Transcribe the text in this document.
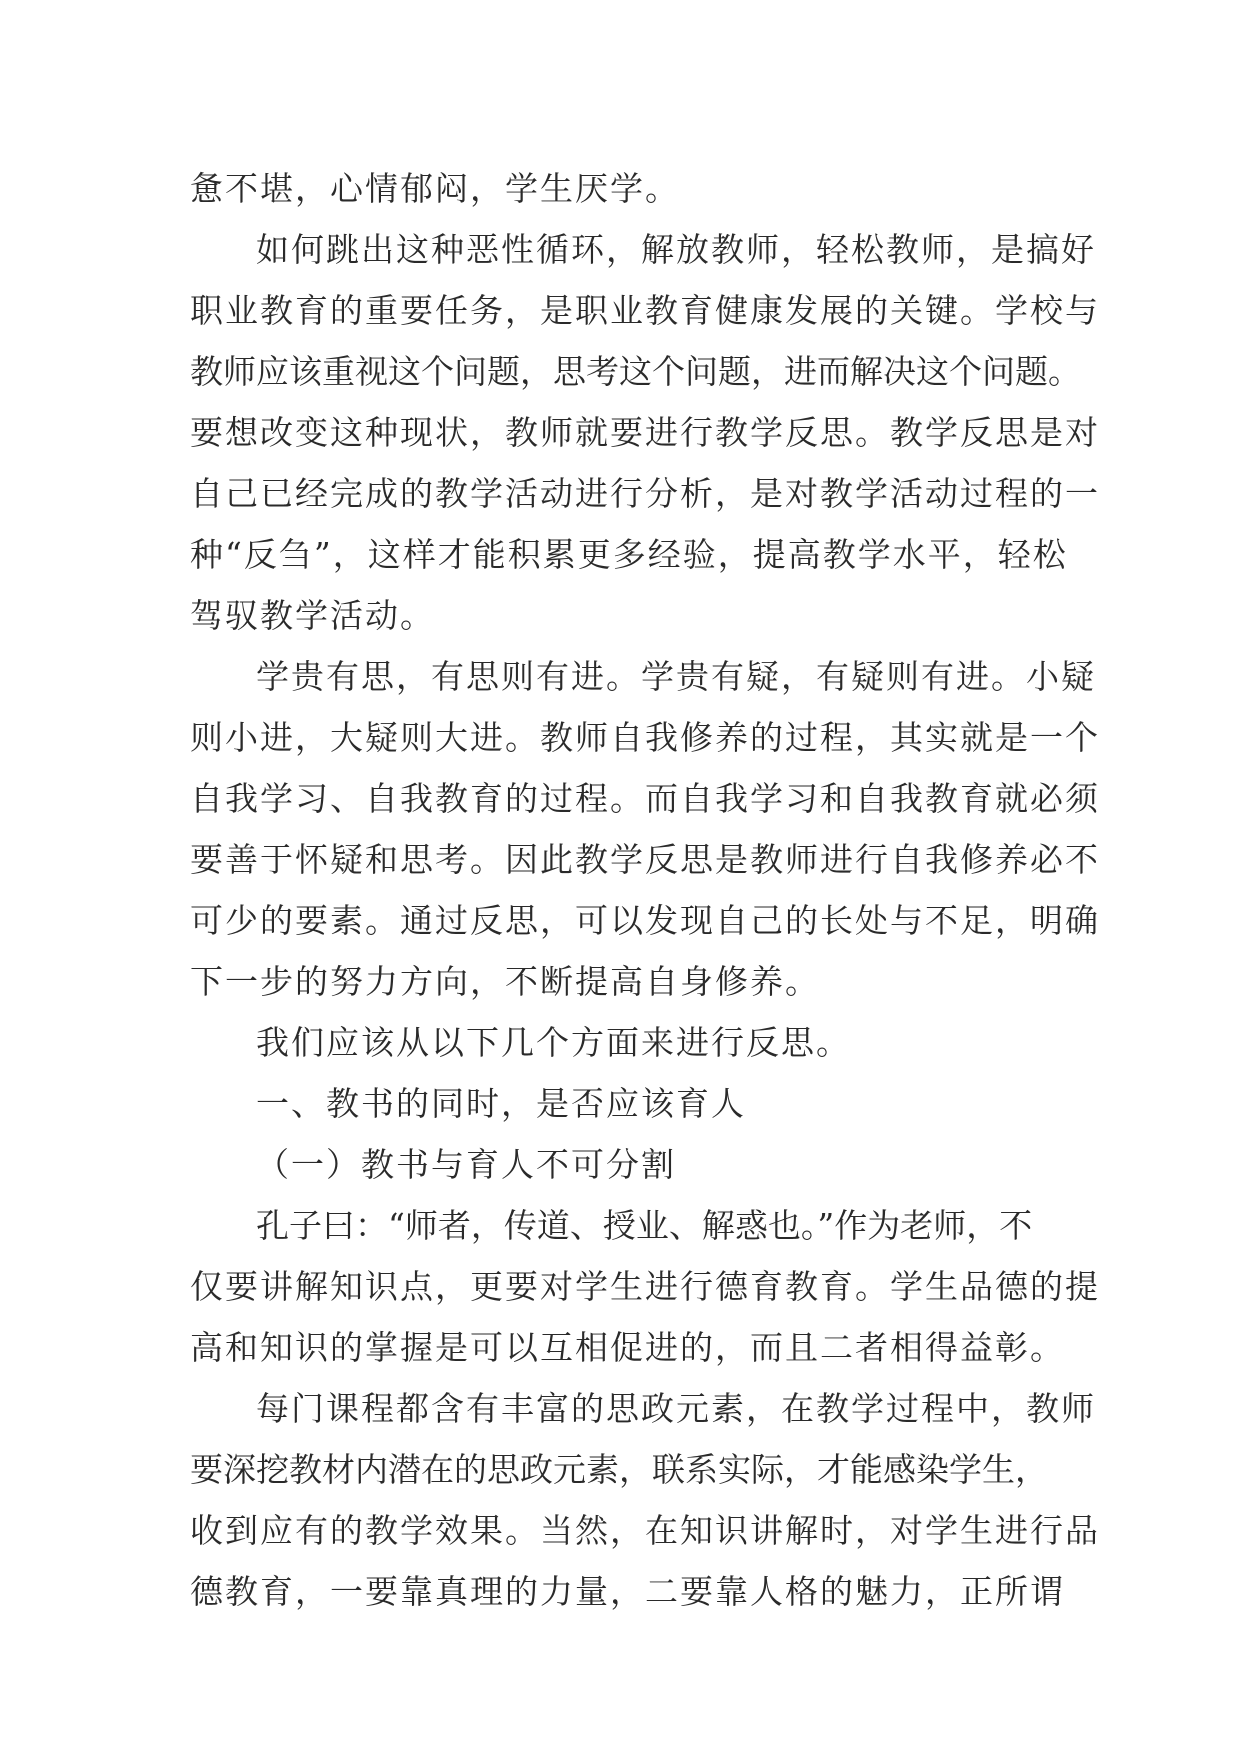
惫不堪，心情郁闷，学生厌学。
如何跳出这种恶性循环，解放教师，轻松教师，是搞好
职业教育的重要任务，是职业教育健康发展的关键。学校与
教师应该重视这个问题，思考这个问题，进而解决这个问题。
要想改变这种现状，教师就要进行教学反思。教学反思是对
自己已经完成的教学活动进行分析，是对教学活动过程的一
种“反刍”，这样才能积累更多经验，提高教学水平，轻松
驾驭教学活动。
学贵有思，有思则有进。学贵有疑，有疑则有进。小疑
则小进，大疑则大进。教师自我修养的过程，其实就是一个
自我学习、自我教育的过程。而自我学习和自我教育就必须
要善于怀疑和思考。因此教学反思是教师进行自我修养必不
可少的要素。通过反思，可以发现自己的长处与不足，明确
下一步的努力方向，不断提高自身修养。
我们应该从以下几个方面来进行反思。
一、教书的同时，是否应该育人
（一）教书与育人不可分割
孔子曰：“师者，传道、授业、解惑也。”作为老师，不
仅要讲解知识点，更要对学生进行德育教育。学生品德的提
高和知识的掌握是可以互相促进的，而且二者相得益彰。
每门课程都含有丰富的思政元素，在教学过程中，教师
要深挖教材内潜在的思政元素，联系实际，才能感染学生，
收到应有的教学效果。当然，在知识讲解时，对学生进行品
德教育，一要靠真理的力量，二要靠人格的魅力，正所谓
